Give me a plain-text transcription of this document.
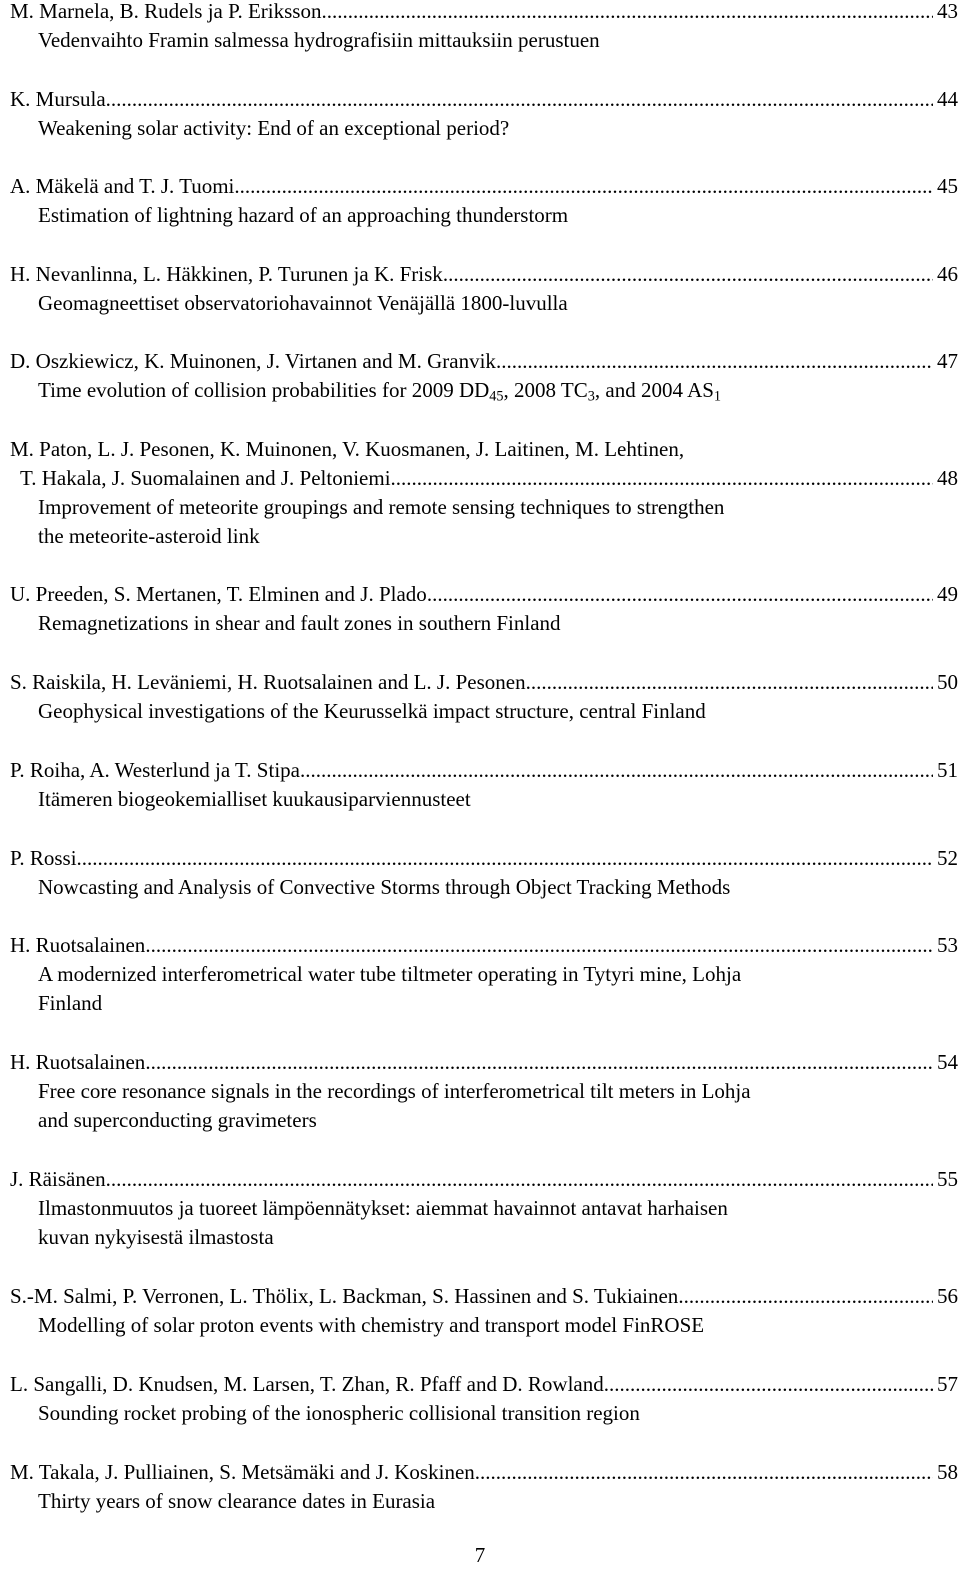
M. Marnela, B. Rudels ja P. Eriksson .....	43
Vedenvaihto Framin salmessa hydrografisiin mittauksiin perustuen
K. Mursula .....	44
Weakening solar activity: End of an exceptional period?
A. Mäkelä and T. J. Tuomi .....	45
Estimation of lightning hazard of an approaching thunderstorm
H. Nevanlinna, L. Häkkinen, P. Turunen ja K. Frisk .....	46
Geomagneettiset observatoriohavainnot Venäjällä 1800-luvulla
D. Oszkiewicz, K. Muinonen, J. Virtanen and M. Granvik .....	47
Time evolution of collision probabilities for 2009 $DD_{45}$, 2008 $TC_3$, and 2004 $AS_1$
M. Paton, L. J. Pesonen, K. Muinonen, V. Kuosmanen, J. Laitinen, M. Lehtinen,
T. Hakala, J. Suomalainen and J. Peltoniemi .....	48
Improvement of meteorite groupings and remote sensing techniques to strengthen
the meteorite-asteroid link
U. Preeden, S. Mertanen, T. Elminen and J. Plado .....	49
Remagnetizations in shear and fault zones in southern Finland
S. Raiskila, H. Leväniemi, H. Ruotsalainen and L. J. Pesonen .....	50
Geophysical investigations of the Keurusselkä impact structure, central Finland
P. Roiha, A. Westerlund ja T. Stipa .....	51
Itämeren biogeokemialliset kuukausiparviennusteet
P. Rossi .....	52
Nowcasting and Analysis of Convective Storms through Object Tracking Methods
H. Ruotsalainen .....	53
A modernized interferometrical water tube tiltmeter operating in Tytyri mine, Lohja
Finland
H. Ruotsalainen .....	54
Free core resonance signals in the recordings of interferometrical tilt meters in Lohja
and superconducting gravimeters
J. Räisänen .....	55
Ilmastonmuutos ja tuoreet lämpöennätykset: aiemmat havainnot antavat harhaisen
kuvan nykyisestä ilmastosta
S.-M. Salmi, P. Verronen, L. Thölix, L. Backman, S. Hassinen and S. Tukiainen .....	56
Modelling of solar proton events with chemistry and transport model FinROSE
L. Sangalli, D. Knudsen, M. Larsen, T. Zhan, R. Pfaff and D. Rowland .....	57
Sounding rocket probing of the ionospheric collisional transition region
M. Takala, J. Pulliainen, S. Metsämäki and J. Koskinen .....	58
Thirty years of snow clearance dates in Eurasia
7
